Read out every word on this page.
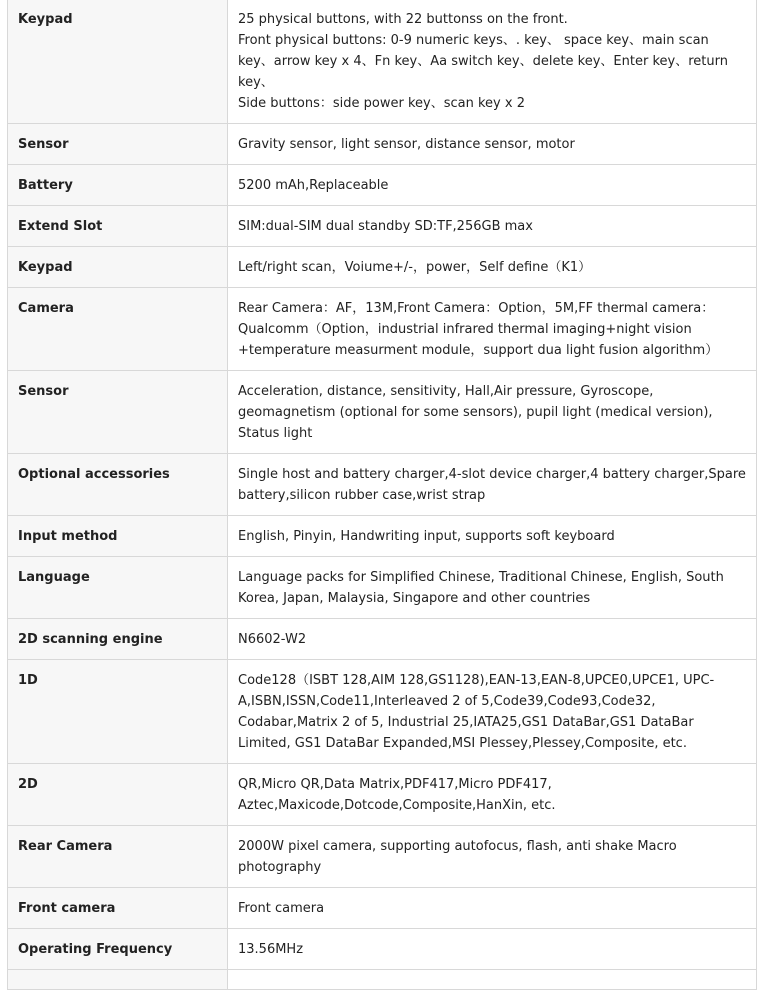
Keypad	25 physical buttons, with 22 buttonss on the front.
Front physical buttons: 0-9 numeric keys、. key、 space key、main scan key、arrow key x 4、Fn key、Aa switch key、delete key、Enter key、return key、
Side buttons：side power key、scan key x 2
Sensor	Gravity sensor, light sensor, distance sensor, motor
Battery	5200 mAh,Replaceable
Extend Slot	SIM:dual-SIM dual standby SD:TF,256GB max
Keypad	Left/right scan，Voiume+/-，power，Self define（K1）
Camera	Rear Camera：AF，13M,Front Camera：Option，5M,FF thermal camera：Qualcomm（Option，industrial infrared thermal imaging+night vision +temperature measurment module，support dua light fusion algorithm）
Sensor	Acceleration, distance, sensitivity, Hall,Air pressure, Gyroscope, geomagnetism (optional for some sensors), pupil light (medical version), Status light
Optional accessories	Single host and battery charger,4-slot device charger,4 battery charger,Spare battery,silicon rubber case,wrist strap
Input method	English, Pinyin, Handwriting input, supports soft keyboard
Language	Language packs for Simplified Chinese, Traditional Chinese, English, South Korea, Japan, Malaysia, Singapore and other countries
2D scanning engine	N6602-W2
1D	Code128（ISBT 128,AIM 128,GS1128),EAN-13,EAN-8,UPCE0,UPCE1, UPC-A,ISBN,ISSN,Code11,Interleaved 2 of 5,Code39,Code93,Code32, Codabar,Matrix 2 of 5, Industrial 25,IATA25,GS1 DataBar,GS1 DataBar Limited, GS1 DataBar Expanded,MSI Plessey,Plessey,Composite, etc.
2D	QR,Micro QR,Data Matrix,PDF417,Micro PDF417, Aztec,Maxicode,Dotcode,Composite,HanXin, etc.
Rear Camera	2000W pixel camera, supporting autofocus, flash, anti shake Macro photography
Front camera	Front camera
Operating Frequency	13.56MHz
